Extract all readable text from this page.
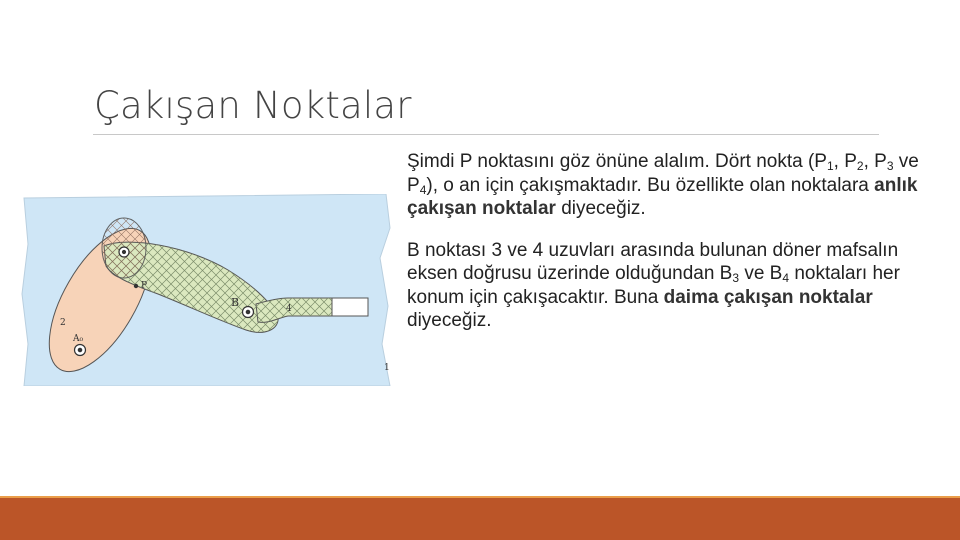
Çakışan Noktalar
P
B
A₀
1
2
4

Şimdi P noktasını göz önüne alalım. Dört nokta ($P_1$, $P_2$, $P_3$ ve $P_4$), o an için çakışmaktadır. Bu özellikte olan noktalara anlık çakışan noktalar diyeceğiz.

B noktası 3 ve 4 uzuvları arasında bulunan döner mafsalın eksen doğrusu üzerinde olduğundan $B_3$ ve $B_4$ noktaları her konum için çakışacaktır. Buna daima çakışan noktalar diyeceğiz.
